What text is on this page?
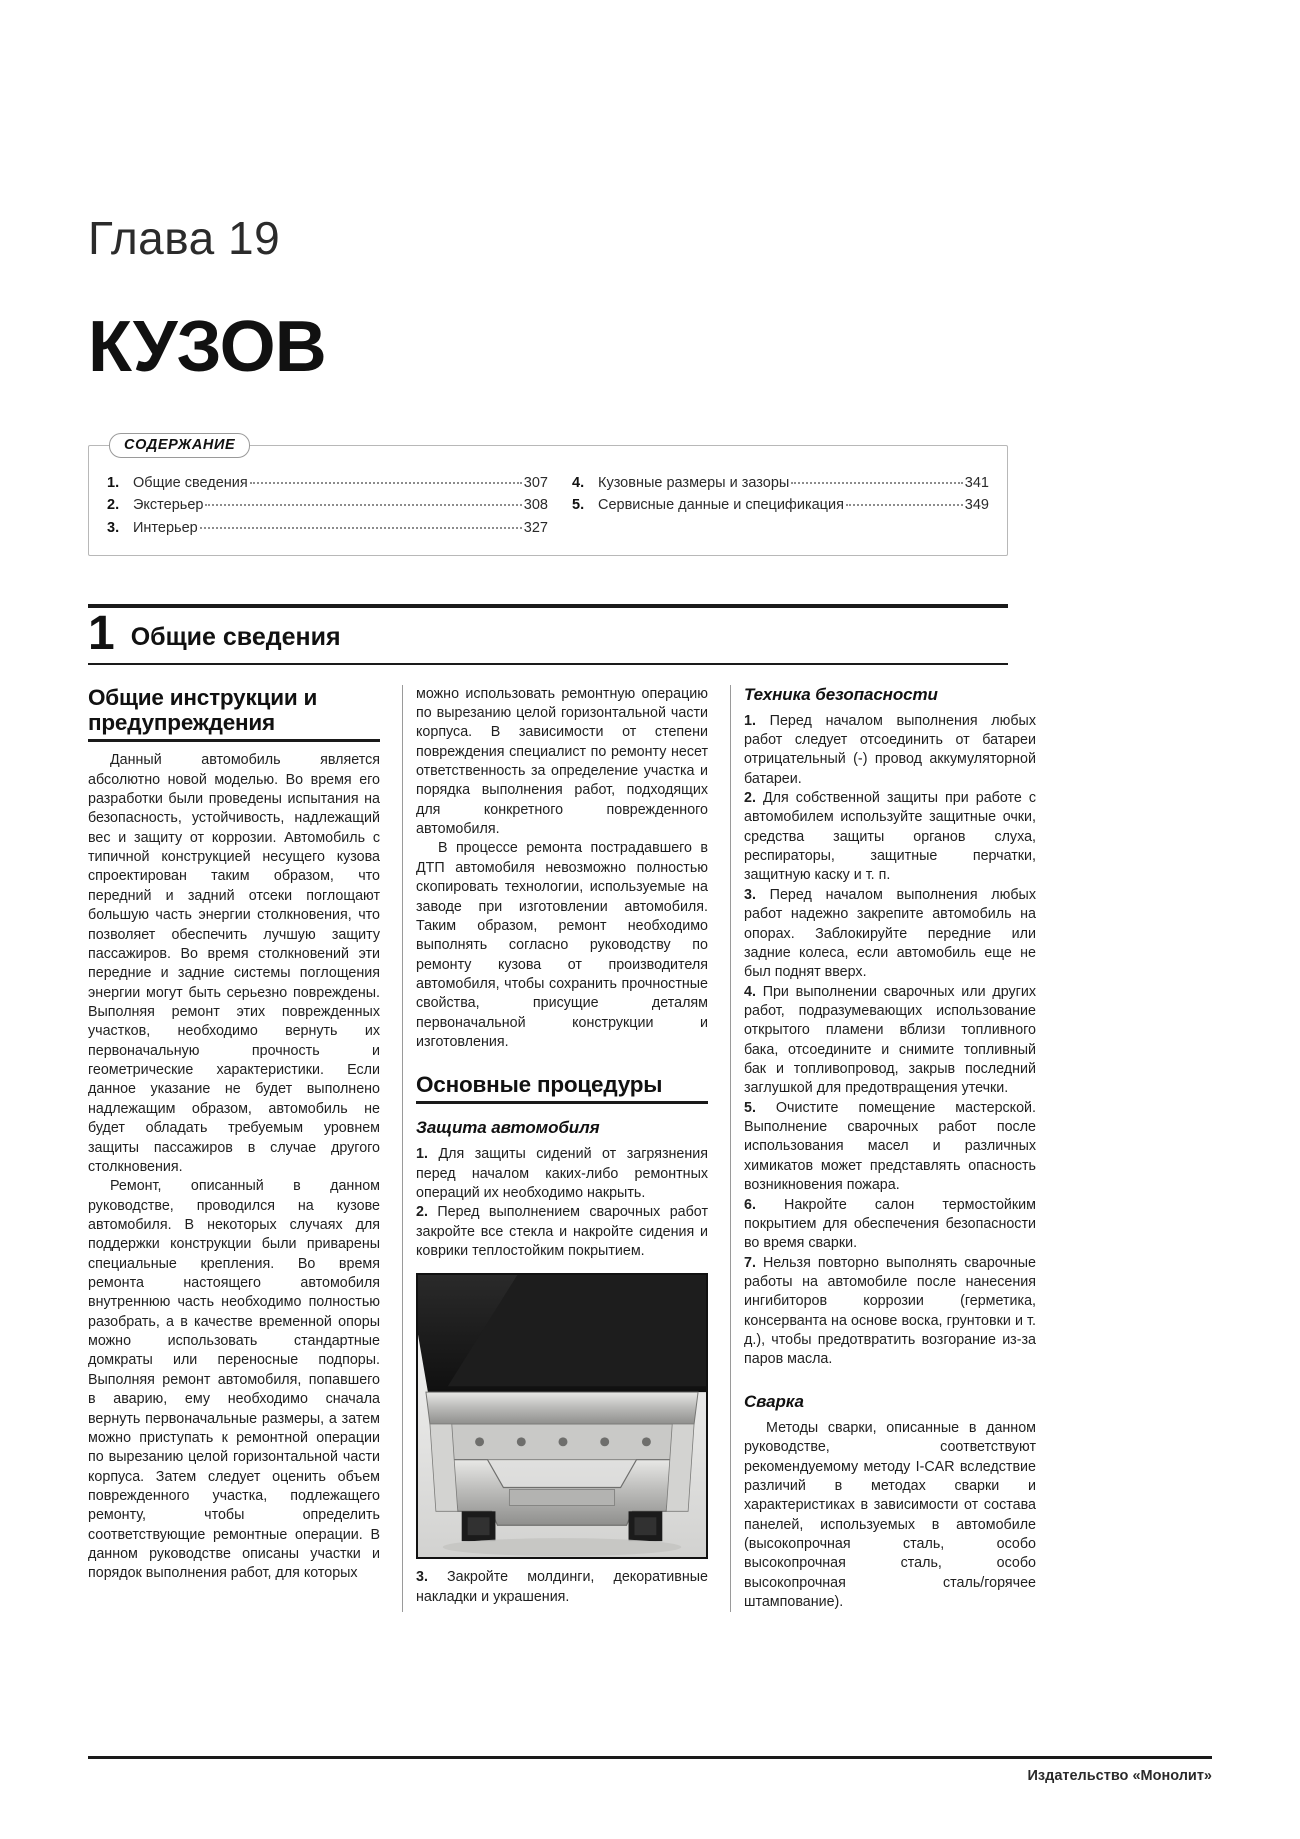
Глава 19
КУЗОВ
СОДЕРЖАНИЕ
1. Общие сведения	307
2. Экстерьер	308
3. Интерьер	327
4. Кузовные размеры и зазоры	341
5. Сервисные данные и спецификация	349
1 Общие сведения
Общие инструкции и предупреждения

Данный автомобиль является абсолютно новой моделью. Во время его разработки были проведены испытания на безопасность, устойчивость, надлежащий вес и защиту от коррозии. Автомобиль с типичной конструкцией несущего кузова спроектирован таким образом, что передний и задний отсеки поглощают большую часть энергии столкновения, что позволяет обеспечить лучшую защиту пассажиров. Во время столкновений эти передние и задние системы поглощения энергии могут быть серьезно повреждены. Выполняя ремонт этих поврежденных участков, необходимо вернуть их первоначальную прочность и геометрические характеристики. Если данное указание не будет выполнено надлежащим образом, автомобиль не будет обладать требуемым уровнем защиты пассажиров в случае другого столкновения.

Ремонт, описанный в данном руководстве, проводился на кузове автомобиля. В некоторых случаях для поддержки конструкции были приварены специальные крепления. Во время ремонта настоящего автомобиля внутреннюю часть необходимо полностью разобрать, а в качестве временной опоры можно использовать стандартные домкраты или переносные подпоры. Выполняя ремонт автомобиля, попавшего в аварию, ему необходимо сначала вернуть первоначальные размеры, а затем можно приступать к ремонтной операции по вырезанию целой горизонтальной части корпуса. Затем следует оценить объем поврежденного участка, подлежащего ремонту, чтобы определить соответствующие ремонтные операции. В данном руководстве описаны участки и порядок выполнения работ, для которых

можно использовать ремонтную операцию по вырезанию целой горизонтальной части корпуса. В зависимости от степени повреждения специалист по ремонту несет ответственность за определение участка и порядка выполнения работ, подходящих для конкретного поврежденного автомобиля.

В процессе ремонта пострадавшего в ДТП автомобиля невозможно полностью скопировать технологии, используемые на заводе при изготовлении автомобиля. Таким образом, ремонт необходимо выполнять согласно руководству по ремонту кузова от производителя автомобиля, чтобы сохранить прочностные свойства, присущие деталям первоначальной конструкции и изготовления.

Основные процедуры
Защита автомобиля

1. Для защиты сидений от загрязнения перед началом каких-либо ремонтных операций их необходимо накрыть.

2. Перед выполнением сварочных работ закройте все стекла и накройте сидения и коврики теплостойким покрытием.

3. Закройте молдинги, декоративные накладки и украшения.
Техника безопасности

1. Перед началом выполнения любых работ следует отсоединить от батареи отрицательный (-) провод аккумуляторной батареи.

2. Для собственной защиты при работе с автомобилем используйте защитные очки, средства защиты органов слуха, респираторы, защитные перчатки, защитную каску и т. п.

3. Перед началом выполнения любых работ надежно закрепите автомобиль на опорах. Заблокируйте передние или задние колеса, если автомобиль еще не был поднят вверх.

4. При выполнении сварочных или других работ, подразумевающих использование открытого пламени вблизи топливного бака, отсоедините и снимите топливный бак и топливопровод, закрыв последний заглушкой для предотвращения утечки.

5. Очистите помещение мастерской. Выполнение сварочных работ после использования масел и различных химикатов может представлять опасность возникновения пожара.

6. Накройте салон термостойким покрытием для обеспечения безопасности во время сварки.

7. Нельзя повторно выполнять сварочные работы на автомобиле после нанесения ингибиторов коррозии (герметика, консерванта на основе воска, грунтовки и т. д.), чтобы предотвратить возгорание из-за паров масла.

Сварка

Методы сварки, описанные в данном руководстве, соответствуют рекомендуемому методу I-CAR вследствие различий в методах сварки и характеристиках в зависимости от состава панелей, используемых в автомобиле (высокопрочная сталь, особо высокопрочная сталь, особо высокопрочная сталь/горячее штампование).

Издательство «Монолит»
